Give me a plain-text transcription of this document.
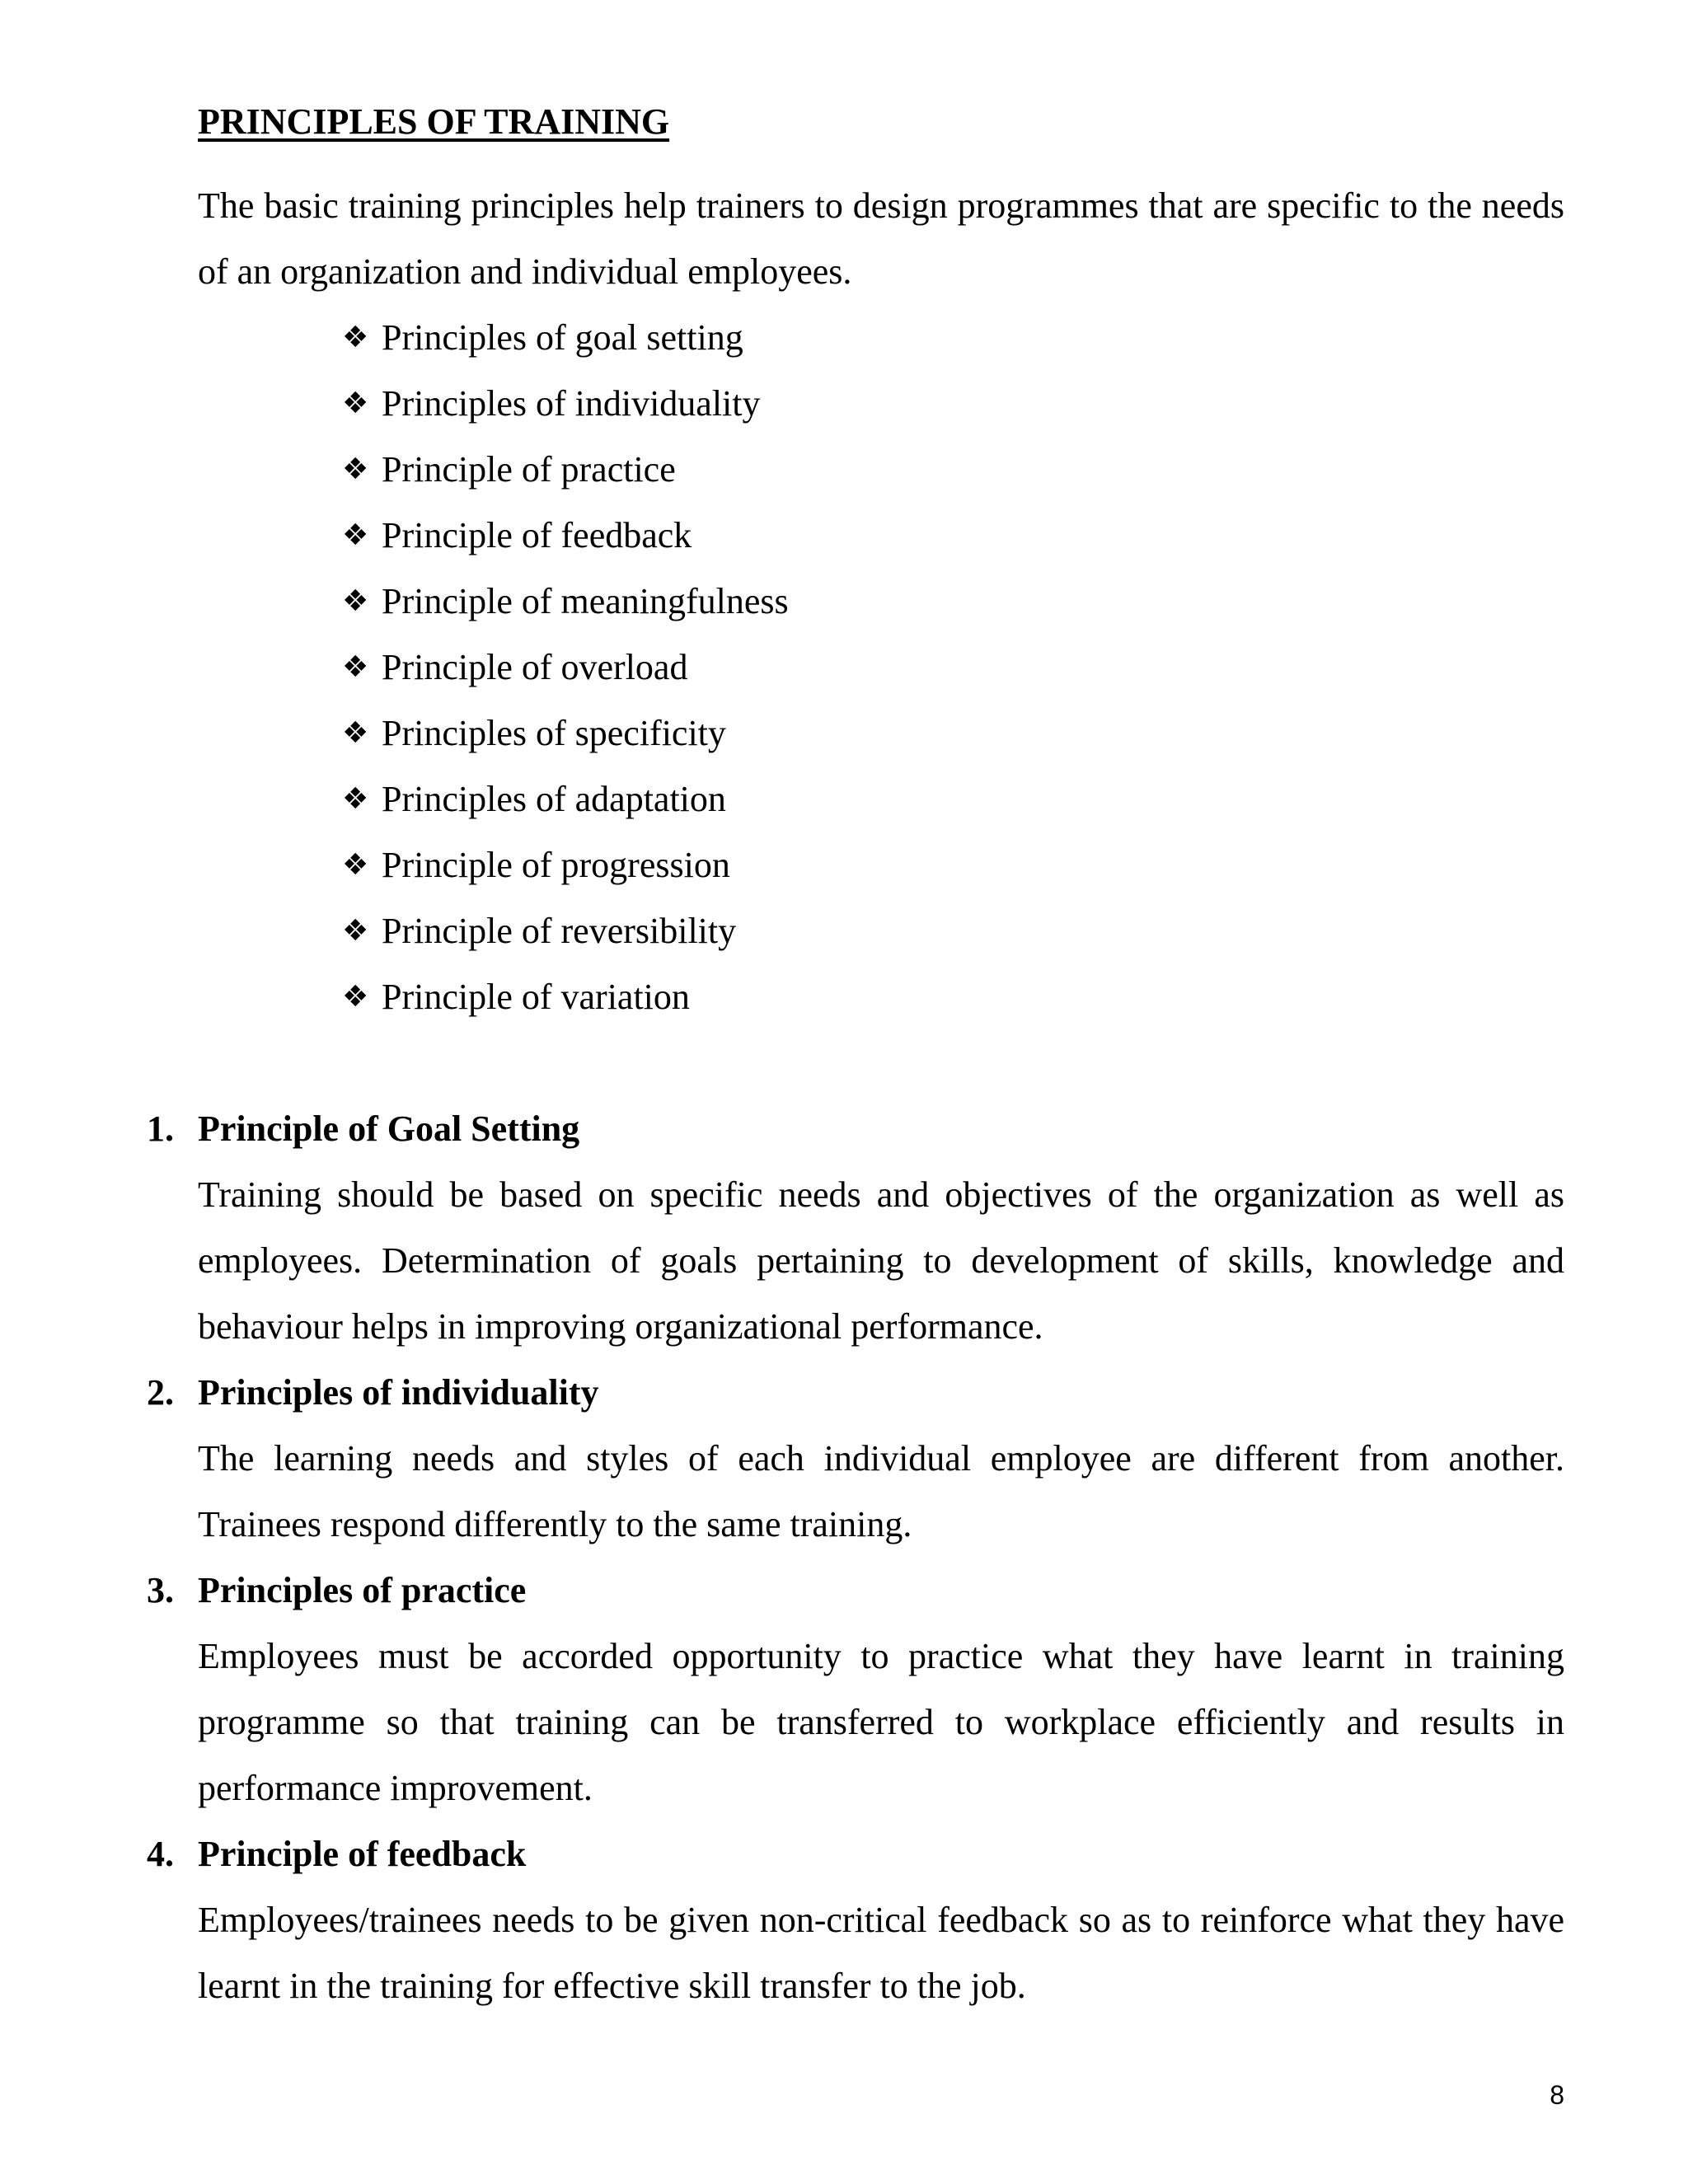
PRINCIPLES OF TRAINING

The basic training principles help trainers to design programmes that are specific to the needs of an organization and individual employees.

❖ Principles of goal setting
❖ Principles of individuality
❖ Principle of practice
❖ Principle of feedback
❖ Principle of meaningfulness
❖ Principle of overload
❖ Principles of specificity
❖ Principles of adaptation
❖ Principle of progression
❖ Principle of reversibility
❖ Principle of variation
1. Principle of Goal Setting

Training should be based on specific needs and objectives of the organization as well as employees. Determination of goals pertaining to development of skills, knowledge and behaviour helps in improving organizational performance.

2. Principles of individuality

The learning needs and styles of each individual employee are different from another. Trainees respond differently to the same training.

3. Principles of practice

Employees must be accorded opportunity to practice what they have learnt in training programme so that training can be transferred to workplace efficiently and results in performance improvement.

4. Principle of feedback

Employees/trainees needs to be given non-critical feedback so as to reinforce what they have learnt in the training for effective skill transfer to the job.

8
